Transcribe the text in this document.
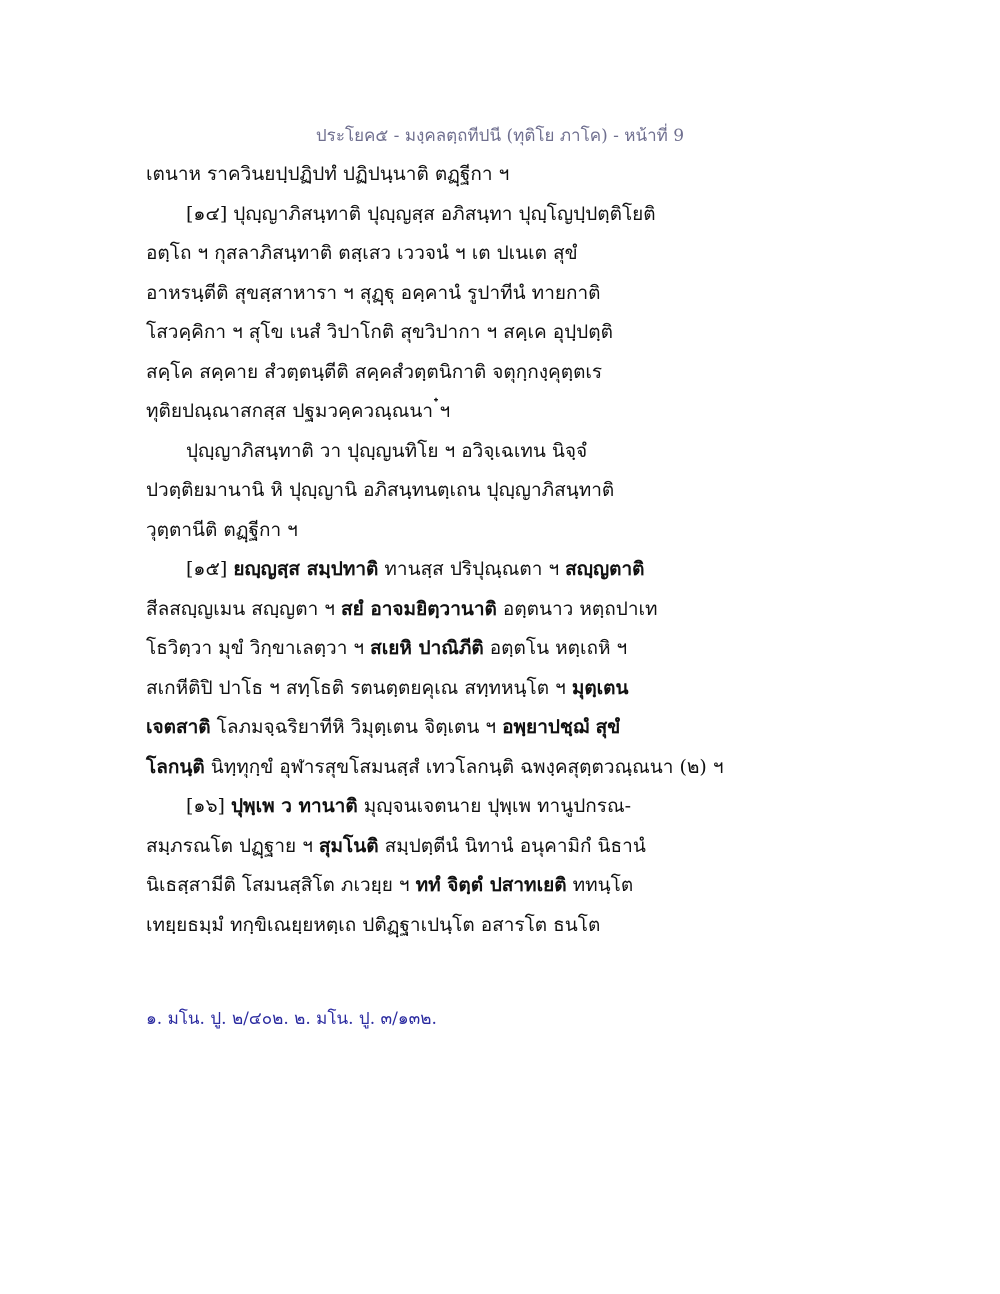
ประโยค๕ - มงฺคลตฺถทีปนี (ทุติโย ภาโค) - หน้าที่ 9
เตนาห ราควินยปฺปฏิปทํ ปฏิปนฺนาติ ตฏฺฐีกา ฯ
[๑๔] ปุญฺญาภิสนฺทาติ ปุญฺญสฺส อภิสนฺทา ปุญฺโญปฺปตฺติโยติ
อตฺโถ ฯ กุสลาภิสนฺทาติ ตสฺเสว เววจนํ ฯ เต ปเนเต สุขํ
อาหรนฺตีติ สุขสฺสาหารา ฯ สุฏฺฐุ อคฺคานํ รูปาทีนํ ทายกาติ
โสวคฺคิกา ฯ สุโข เนสํ วิปาโกติ สุขวิปากา ฯ สคฺเค อุปฺปตฺติ
สคฺโค สคฺคาย สํวตฺตนฺตีติ สคฺคสํวตฺตนิกาติ จตุกฺกงฺคุตฺตเร
ทุติยปณฺณาสกสฺส ปฐมวคฺควณฺณนา ๋ฯ
ปุญฺญาภิสนฺทาติ วา ปุญฺญนทิโย ฯ อวิจฺเฉเทน นิจฺจํ
ปวตฺติยมานานิ หิ ปุญฺญานิ อภิสนฺทนตฺเถน ปุญฺญาภิสนฺทาติ
วุตฺตานีติ ตฏฺฐีกา ฯ
[๑๕] ยญฺญสฺส สมฺปทาติ ทานสฺส ปริปุณฺณตา ฯ สญฺญตาติ
สีลสญฺญเมน สญฺญตา ฯ สยํ อาจมยิตฺวานาติ อตฺตนาว หตฺถปาเท
โธวิตฺวา มุขํ วิกฺขาเลตฺวา ฯ สเยหิ ปาณิภีติ อตฺตโน หตฺเถหิ ฯ
สเกหีติปิ ปาโธ ฯ สทฺโธติ รตนตฺตยคุเณ สทฺทหนฺโต ฯ มุตฺเตน
เจตสาติ โลภมจฺฉริยาทีหิ วิมุตฺเตน จิตฺเตน ฯ อพฺยาปชฺฌํ สุขํ
โลกนฺติ นิทฺทุกฺขํ อุฬารสุขโสมนสฺสํ เทวโลกนฺติ ฉพงฺคสุตฺตวณฺณนา (๒) ฯ
[๑๖] ปุพฺเพ ว ทานาติ มุญฺจนเจตนาย ปุพฺเพ ทานูปกรณ-
สมฺภรณโต ปฏฺฐาย ฯ สุมโนติ สมฺปตฺตีนํ นิทานํ อนุคามิกํ นิธานํ
นิเธสฺสามีติ โสมนสฺสิโต ภเวยฺย ฯ ททํ จิตฺตํ ปสาทเยติ ททนฺโต
เทยฺยธมฺมํ ทกฺขิเณยฺยหตฺเถ ปติฏฺฐาเปนฺโต อสารโต ธนโต
๑. มโน. ปู. ๒/๔๐๒. ๒. มโน. ปู. ๓/๑๓๒.
